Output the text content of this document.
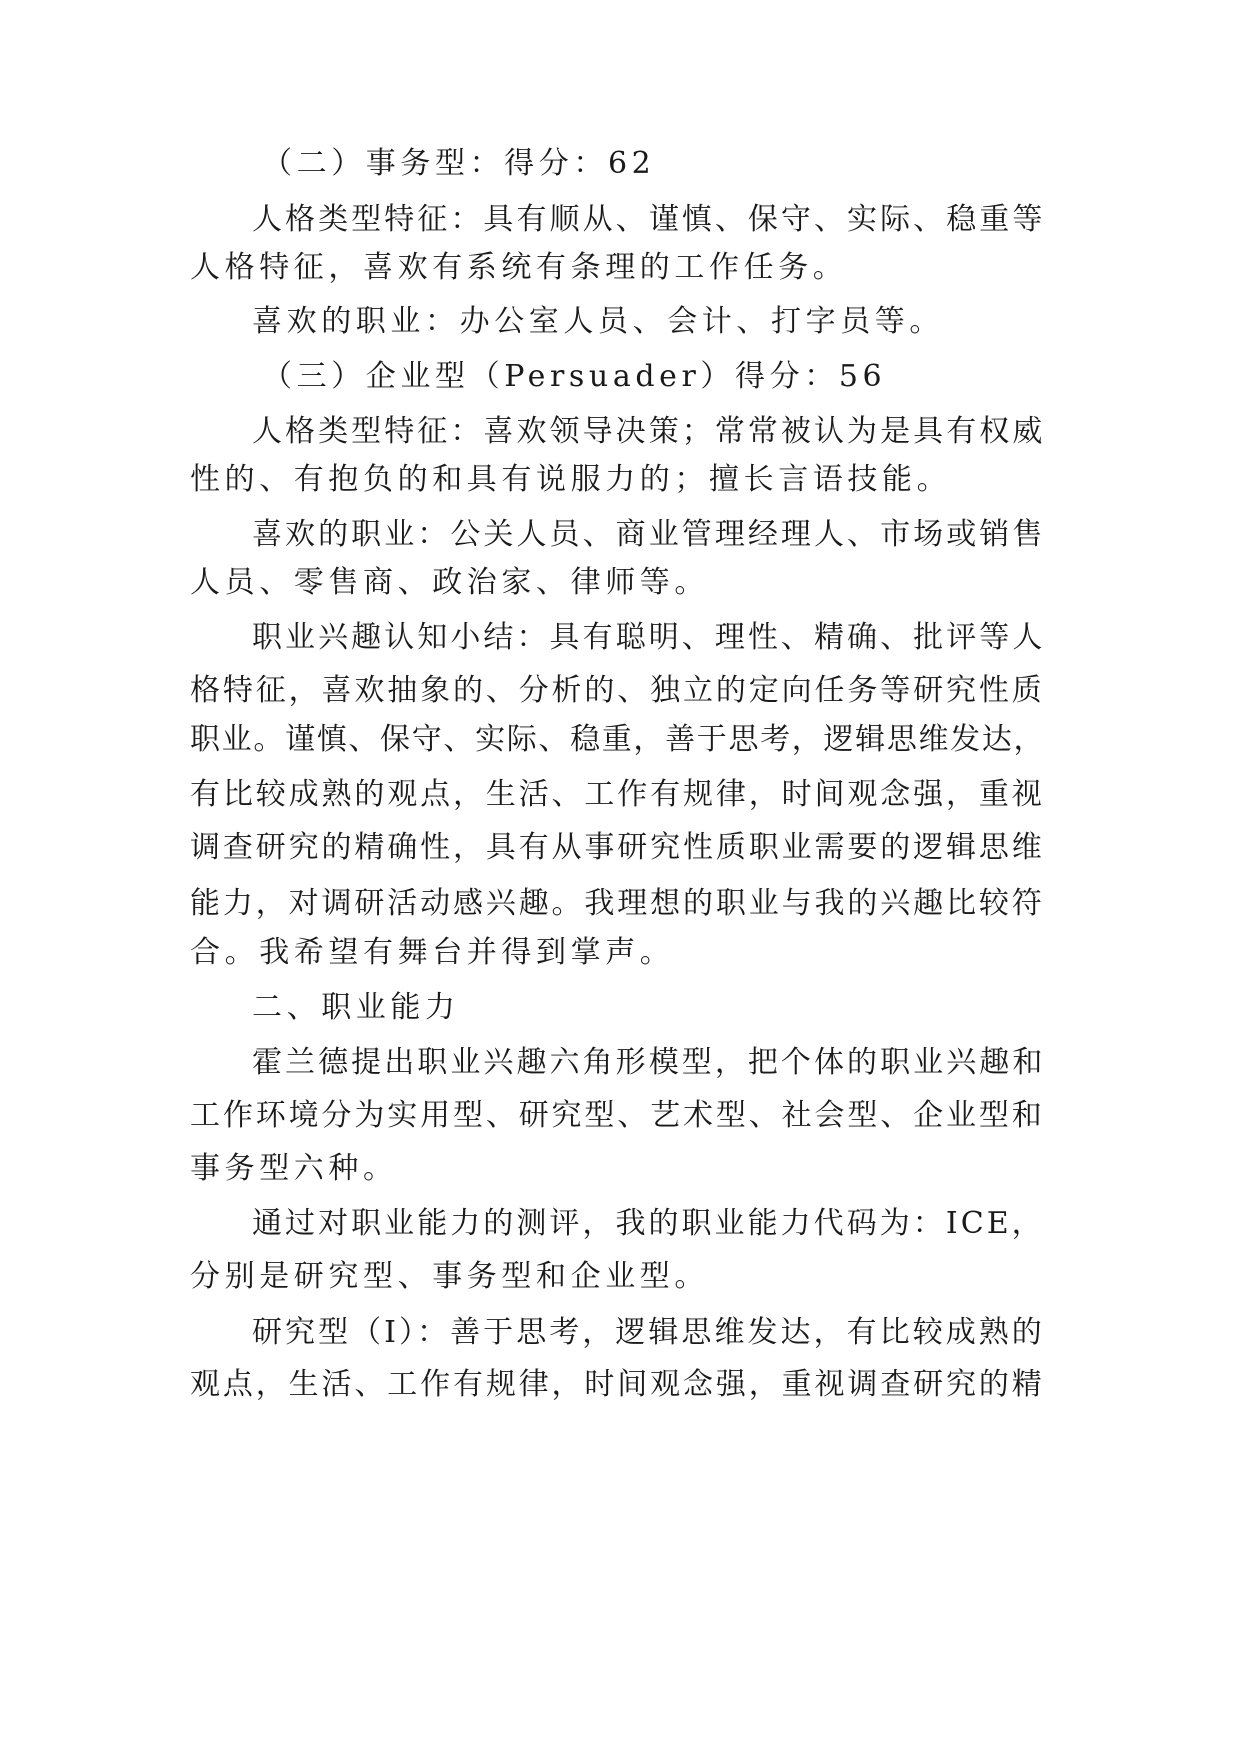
（二）事务型：得分：62
人格类型特征：具有顺从、谨慎、保守、实际、稳重等
人格特征，喜欢有系统有条理的工作任务。
喜欢的职业：办公室人员、会计、打字员等。
（三）企业型（Persuader）得分：56
人格类型特征：喜欢领导决策；常常被认为是具有权威
性的、有抱负的和具有说服力的；擅长言语技能。
喜欢的职业：公关人员、商业管理经理人、市场或销售
人员、零售商、政治家、律师等。
职业兴趣认知小结：具有聪明、理性、精确、批评等人
格特征，喜欢抽象的、分析的、独立的定向任务等研究性质
职业。谨慎、保守、实际、稳重，善于思考，逻辑思维发达，
有比较成熟的观点，生活、工作有规律，时间观念强，重视
调查研究的精确性，具有从事研究性质职业需要的逻辑思维
能力，对调研活动感兴趣。我理想的职业与我的兴趣比较符
合。我希望有舞台并得到掌声。
二、职业能力
霍兰德提出职业兴趣六角形模型，把个体的职业兴趣和
工作环境分为实用型、研究型、艺术型、社会型、企业型和
事务型六种。
通过对职业能力的测评，我的职业能力代码为：ICE，
分别是研究型、事务型和企业型。
研究型（I）：善于思考，逻辑思维发达，有比较成熟的
观点，生活、工作有规律，时间观念强，重视调查研究的精
